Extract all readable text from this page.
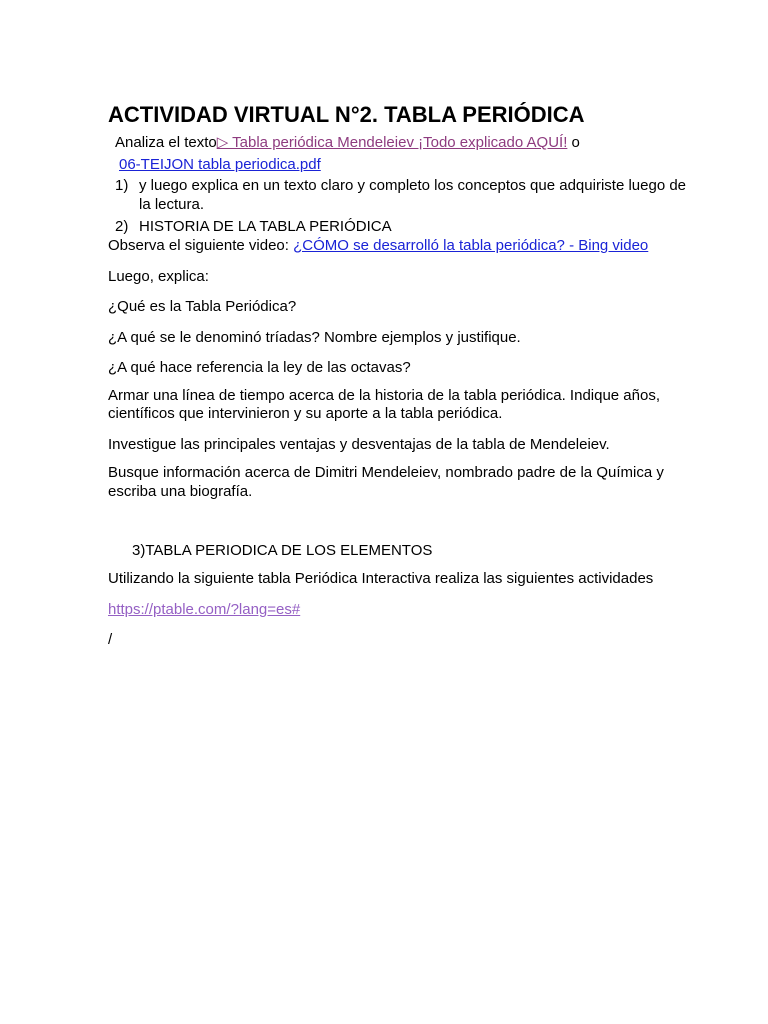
ACTIVIDAD VIRTUAL N°2. TABLA PERIÓDICA
Analiza el texto▷ Tabla periódica Mendeleiev ¡Todo explicado AQUÍ! o
06-TEIJON tabla periodica.pdf
1) y luego explica en un texto claro y completo los conceptos que adquiriste luego de
la lectura.
2) HISTORIA DE LA TABLA PERIÓDICA
Observa el siguiente video: ¿CÓMO se desarrolló la tabla periódica? - Bing video
Luego, explica:
¿Qué es la Tabla Periódica?
¿A qué se le denominó tríadas? Nombre ejemplos y justifique.
¿A qué hace referencia la ley de las octavas?
Armar una línea de tiempo acerca de la historia de la tabla periódica. Indique años,
científicos que intervinieron y su aporte a la tabla periódica.
Investigue las principales ventajas y desventajas de la tabla de Mendeleiev.
Busque información acerca de Dimitri Mendeleiev, nombrado padre de la Química y
escriba una biografía.
3)TABLA PERIODICA DE LOS ELEMENTOS
Utilizando la siguiente tabla Periódica Interactiva realiza las siguientes actividades
https://ptable.com/?lang=es#
/
